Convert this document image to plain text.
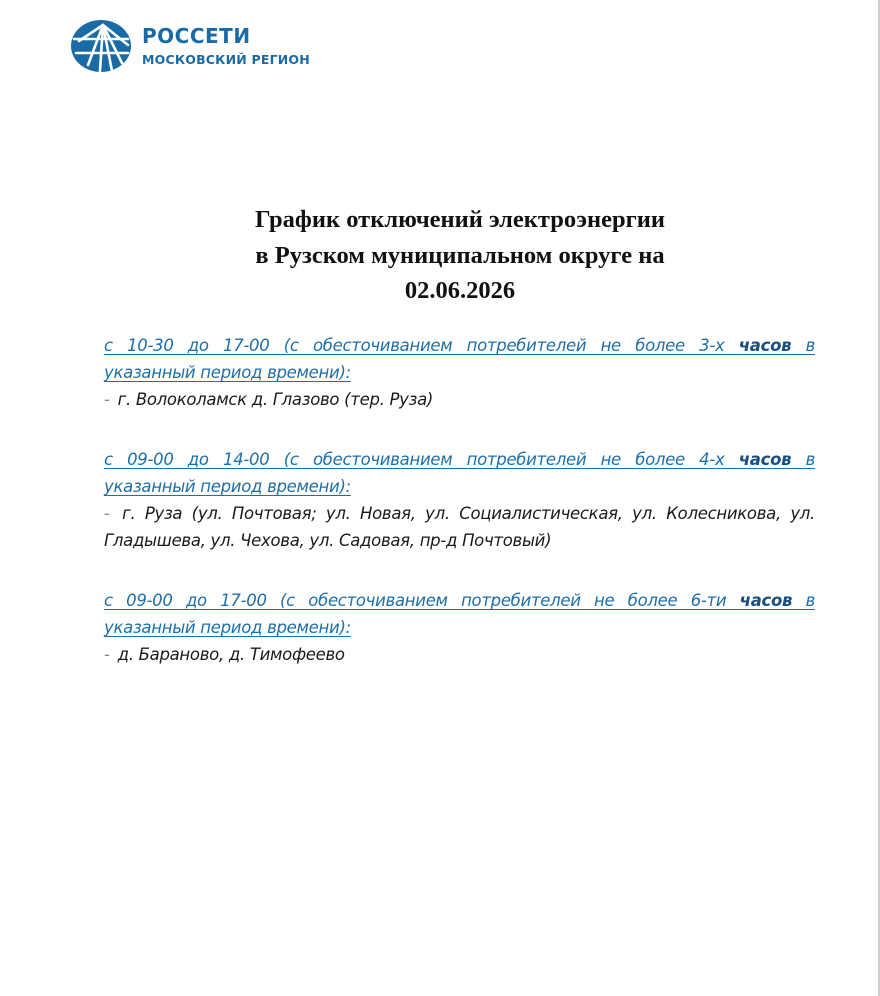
РОССЕТИ
МОСКОВСКИЙ РЕГИОН
График отключений электроэнергии
в Рузском муниципальном округе на
02.06.2026
с 10-30 до 17-00 (с обесточиванием потребителей не более 3-х часов в
указанный период времени):
- г. Волоколамск д. Глазово (тер. Руза)
с 09-00 до 14-00 (с обесточиванием потребителей не более 4-х часов в
указанный период времени):
- г. Руза (ул. Почтовая; ул. Новая, ул. Социалистическая, ул. Колесникова, ул. Гладышева, ул. Чехова, ул. Садовая, пр-д Почтовый)
с 09-00 до 17-00 (с обесточиванием потребителей не более 6-ти часов в
указанный период времени):
- д. Бараново, д. Тимофеево
